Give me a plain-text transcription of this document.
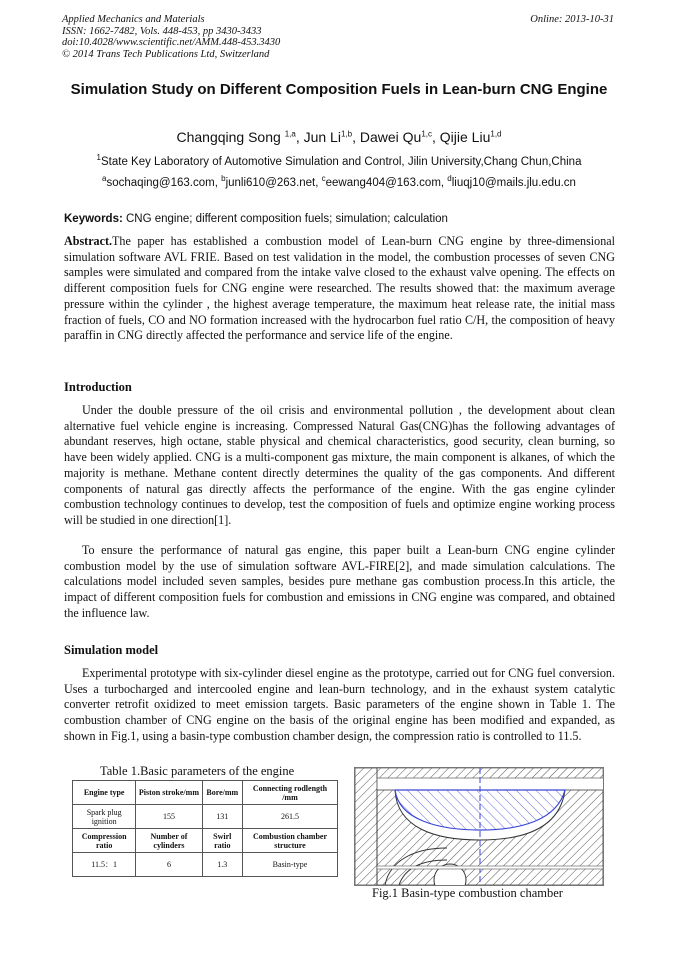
Applied Mechanics and Materials
ISSN: 1662-7482, Vols. 448-453, pp 3430-3433
doi:10.4028/www.scientific.net/AMM.448-453.3430
© 2014 Trans Tech Publications Ltd, Switzerland
Online: 2013-10-31
Simulation Study on Different Composition Fuels in Lean-burn CNG Engine
Changqing Song $^{1,a}$, Jun Li$^{1,b}$, Dawei Qu$^{1,c}$, Qijie Liu$^{1,d}$
$^1$State Key Laboratory of Automotive Simulation and Control, Jilin University,Chang Chun,China
$^a$sochaqing@163.com, $^b$junli610@263.net, $^c$eewang404@163.com, $^d$liuqj10@mails.jlu.edu.cn
Keywords: CNG engine; different composition fuels; simulation; calculation

Abstract.The paper has established a combustion model of Lean-burn CNG engine by three-dimensional simulation software AVL FRIE. Based on test validation in the model, the combustion processes of seven CNG samples were simulated and compared from the intake valve closed to the exhaust valve opening. The effects on different composition fuels for CNG engine were researched. The results showed that: the maximum average pressure within the cylinder , the highest average temperature, the maximum heat release rate, the initial mass fraction of fuels, CO and NO formation increased with the hydrocarbon fuel ratio C/H, the composition of heavy paraffin in CNG directly affected the performance and service life of the engine.

Introduction

Under the double pressure of the oil crisis and environmental pollution , the development about clean alternative fuel vehicle engine is increasing. Compressed Natural Gas(CNG)has the following advantages of abundant reserves, high octane, stable physical and chemical characteristics, good security, clean burning, so have been widely applied. CNG is a multi-component gas mixture, the main component is alkanes, of which the majority is methane. Methane content directly determines the quality of the gas components. And different components of natural gas directly affects the performance of the engine. With the gas engine cylinder combustion technology continues to develop, test the composition of fuels and optimize engine working process will be studied in one direction[1].

To ensure the performance of natural gas engine, this paper built a Lean-burn CNG engine cylinder combustion model by the use of simulation software AVL-FIRE[2], and made simulation calculations. The calculations model included seven samples, besides pure methane gas combustion process.In this article, the impact of different composition fuels for combustion and emissions in CNG engine was compared, and obtained the influence law.

Simulation model

Experimental prototype with six-cylinder diesel engine as the prototype, carried out for CNG fuel conversion. Uses a turbocharged and intercooled engine and lean-burn technology, and in the exhaust system catalytic converter retrofit oxidized to meet emission targets. Basic parameters of the engine shown in Table 1. The combustion chamber of CNG engine on the basis of the original engine has been modified and expanded, as shown in Fig.1, using a basin-type combustion chamber design, the compression ratio is controlled to 11.5.

Table 1.Basic parameters of the engine
Engine type	Piston stroke/mm	Bore/mm	Connecting rodlength /mm
Spark plug ignition	155	131	261.5
Compression ratio	Number of cylinders	Swirl ratio	Combustion chamber structure
11.5：1	6	1.3	Basin-type
Fig.1 Basin-type combustion chamber
